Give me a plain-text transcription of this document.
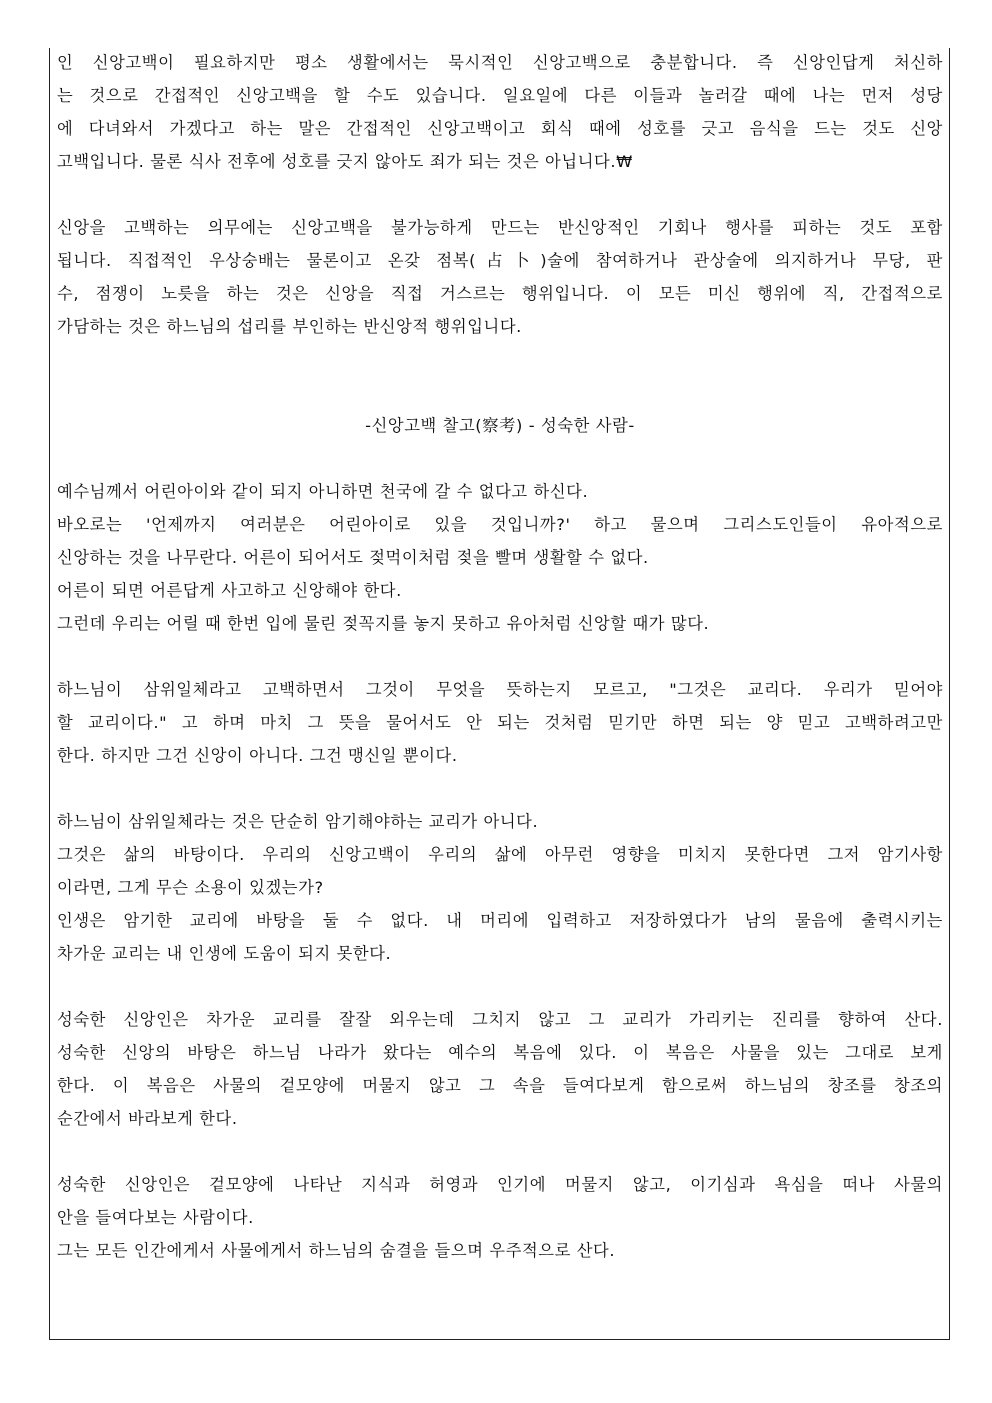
인 신앙고백이 필요하지만 평소 생활에서는 묵시적인 신앙고백으로 충분합니다. 즉 신앙인답게 처신하
는 것으로 간접적인 신앙고백을 할 수도 있습니다. 일요일에 다른 이들과 놀러갈 때에 나는 먼저 성당
에 다녀와서 가겠다고 하는 말은 간접적인 신앙고백이고 회식 때에 성호를 긋고 음식을 드는 것도 신앙
고백입니다. 물론 식사 전후에 성호를 긋지 않아도 죄가 되는 것은 아닙니다.₩
신앙을 고백하는 의무에는 신앙고백을 불가능하게 만드는 반신앙적인 기회나 행사를 피하는 것도 포함
됩니다. 직접적인 우상숭배는 물론이고 온갖 점복(占卜)술에 참여하거나 관상술에 의지하거나 무당, 판
수, 점쟁이 노릇을 하는 것은 신앙을 직접 거스르는 행위입니다. 이 모든 미신 행위에 직, 간접적으로
가담하는 것은 하느님의 섭리를 부인하는 반신앙적 행위입니다.
-신앙고백 찰고(察考) - 성숙한 사람-
예수님께서 어린아이와 같이 되지 아니하면 천국에 갈 수 없다고 하신다.
바오로는 '언제까지 여러분은 어린아이로 있을 것입니까?' 하고 물으며 그리스도인들이 유아적으로
신앙하는 것을 나무란다. 어른이 되어서도 젖먹이처럼 젖을 빨며 생활할 수 없다.
어른이 되면 어른답게 사고하고 신앙해야 한다.
그런데 우리는 어릴 때 한번 입에 물린 젖꼭지를 놓지 못하고 유아처럼 신앙할 때가 많다.
하느님이 삼위일체라고 고백하면서 그것이 무엇을 뜻하는지 모르고, "그것은 교리다. 우리가 믿어야
할 교리이다." 고 하며 마치 그 뜻을 물어서도 안 되는 것처럼 믿기만 하면 되는 양 믿고 고백하려고만
한다. 하지만 그건 신앙이 아니다. 그건 맹신일 뿐이다.
하느님이 삼위일체라는 것은 단순히 암기해야하는 교리가 아니다.
그것은 삶의 바탕이다. 우리의 신앙고백이 우리의 삶에 아무런 영향을 미치지 못한다면 그저 암기사항
이라면, 그게 무슨 소용이 있겠는가?
인생은 암기한 교리에 바탕을 둘 수 없다. 내 머리에 입력하고 저장하였다가 남의 물음에 출력시키는
차가운 교리는 내 인생에 도움이 되지 못한다.
성숙한 신앙인은 차가운 교리를 잘잘 외우는데 그치지 않고 그 교리가 가리키는 진리를 향하여 산다.
성숙한 신앙의 바탕은 하느님 나라가 왔다는 예수의 복음에 있다. 이 복음은 사물을 있는 그대로 보게
한다. 이 복음은 사물의 겉모양에 머물지 않고 그 속을 들여다보게 함으로써 하느님의 창조를 창조의
순간에서 바라보게 한다.
성숙한 신앙인은 겉모양에 나타난 지식과 허영과 인기에 머물지 않고, 이기심과 욕심을 떠나 사물의
안을 들여다보는 사람이다.
그는 모든 인간에게서 사물에게서 하느님의 숨결을 들으며 우주적으로 산다.
